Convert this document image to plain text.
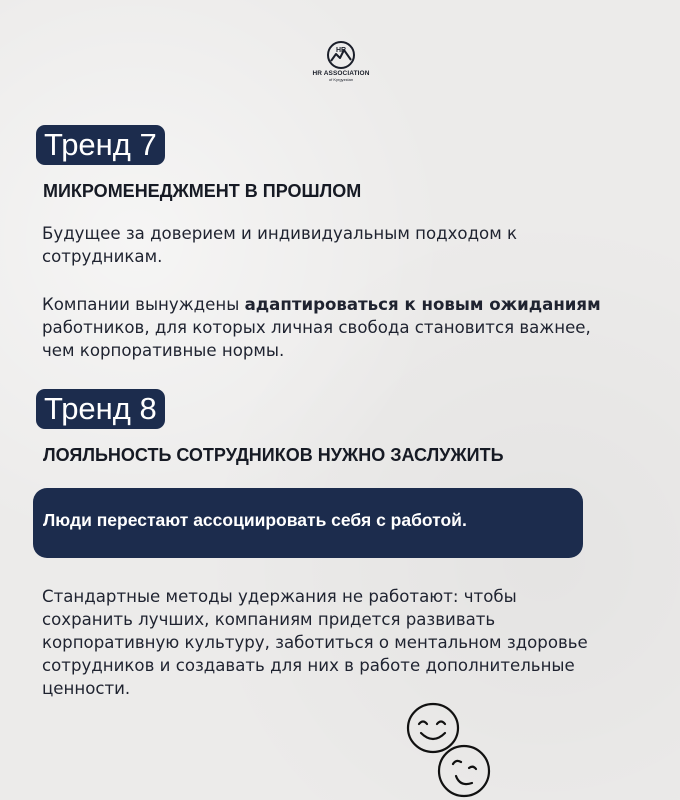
HR
HR ASSOCIATION
of Kyrgyzstan
Тренд 7
МИКРОМЕНЕДЖМЕНТ В ПРОШЛОМ
Будущее за доверием и индивидуальным подходом к сотрудникам.
Компании вынуждены адаптироваться к новым ожиданиям работников, для которых личная свобода становится важнее, чем корпоративные нормы.
Тренд 8
ЛОЯЛЬНОСТЬ СОТРУДНИКОВ НУЖНО ЗАСЛУЖИТЬ
Люди перестают ассоциировать себя с работой.
Стандартные методы удержания не работают: чтобы сохранить лучших, компаниям придется развивать корпоративную культуру, заботиться о ментальном здоровье сотрудников и создавать для них в работе дополнительные ценности.
